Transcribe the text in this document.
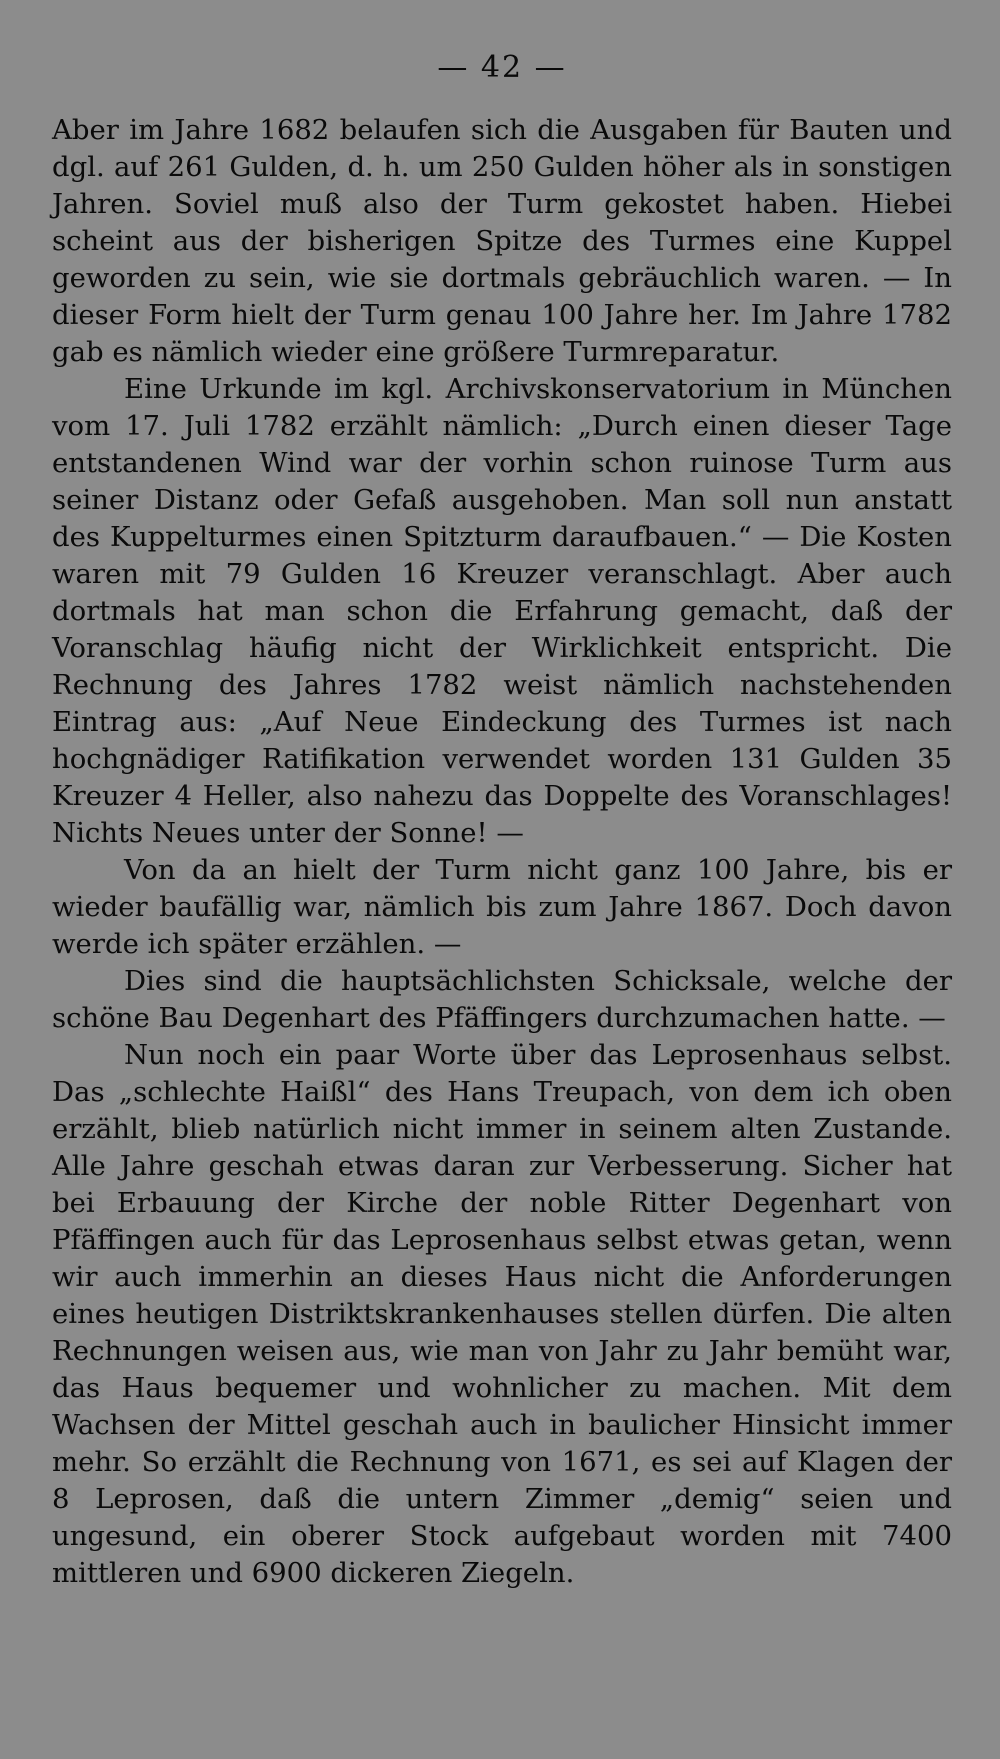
— 42 —

Aber im Jahre 1682 belaufen sich die Ausgaben für Bauten und dgl. auf 261 Gulden, d. h. um 250 Gulden höher als in sonstigen Jahren. Soviel muß also der Turm gekostet haben. Hiebei scheint aus der bisherigen Spitze des Turmes eine Kuppel geworden zu sein, wie sie dortmals gebräuchlich waren. — In dieser Form hielt der Turm genau 100 Jahre her. Im Jahre 1782 gab es nämlich wieder eine größere Turmreparatur.

Eine Urkunde im kgl. Archivskonservatorium in München vom 17. Juli 1782 erzählt nämlich: „Durch einen dieser Tage entstandenen Wind war der vorhin schon ruinose Turm aus seiner Distanz oder Gefaß ausgehoben. Man soll nun anstatt des Kuppelturmes einen Spitzturm daraufbauen.“ — Die Kosten waren mit 79 Gulden 16 Kreuzer veranschlagt. Aber auch dortmals hat man schon die Erfahrung gemacht, daß der Voranschlag häufig nicht der Wirklichkeit entspricht. Die Rechnung des Jahres 1782 weist nämlich nachstehenden Eintrag aus: „Auf Neue Eindeckung des Turmes ist nach hochgnädiger Ratifikation verwendet worden 131 Gulden 35 Kreuzer 4 Heller, also nahezu das Doppelte des Voranschlages! Nichts Neues unter der Sonne! —

Von da an hielt der Turm nicht ganz 100 Jahre, bis er wieder baufällig war, nämlich bis zum Jahre 1867. Doch davon werde ich später erzählen. —

Dies sind die hauptsächlichsten Schicksale, welche der schöne Bau Degenhart des Pfäffingers durchzumachen hatte. —

Nun noch ein paar Worte über das Leprosenhaus selbst. Das „schlechte Haißl“ des Hans Treupach, von dem ich oben erzählt, blieb natürlich nicht immer in seinem alten Zustande. Alle Jahre geschah etwas daran zur Verbesserung. Sicher hat bei Erbauung der Kirche der noble Ritter Degenhart von Pfäffingen auch für das Leprosenhaus selbst etwas getan, wenn wir auch immerhin an dieses Haus nicht die Anforderungen eines heutigen Distriktskrankenhauses stellen dürfen. Die alten Rechnungen weisen aus, wie man von Jahr zu Jahr bemüht war, das Haus bequemer und wohnlicher zu machen. Mit dem Wachsen der Mittel geschah auch in baulicher Hinsicht immer mehr. So erzählt die Rechnung von 1671, es sei auf Klagen der 8 Leprosen, daß die untern Zimmer „demig“ seien und ungesund, ein oberer Stock aufgebaut worden mit 7400 mittleren und 6900 dickeren Ziegeln.
